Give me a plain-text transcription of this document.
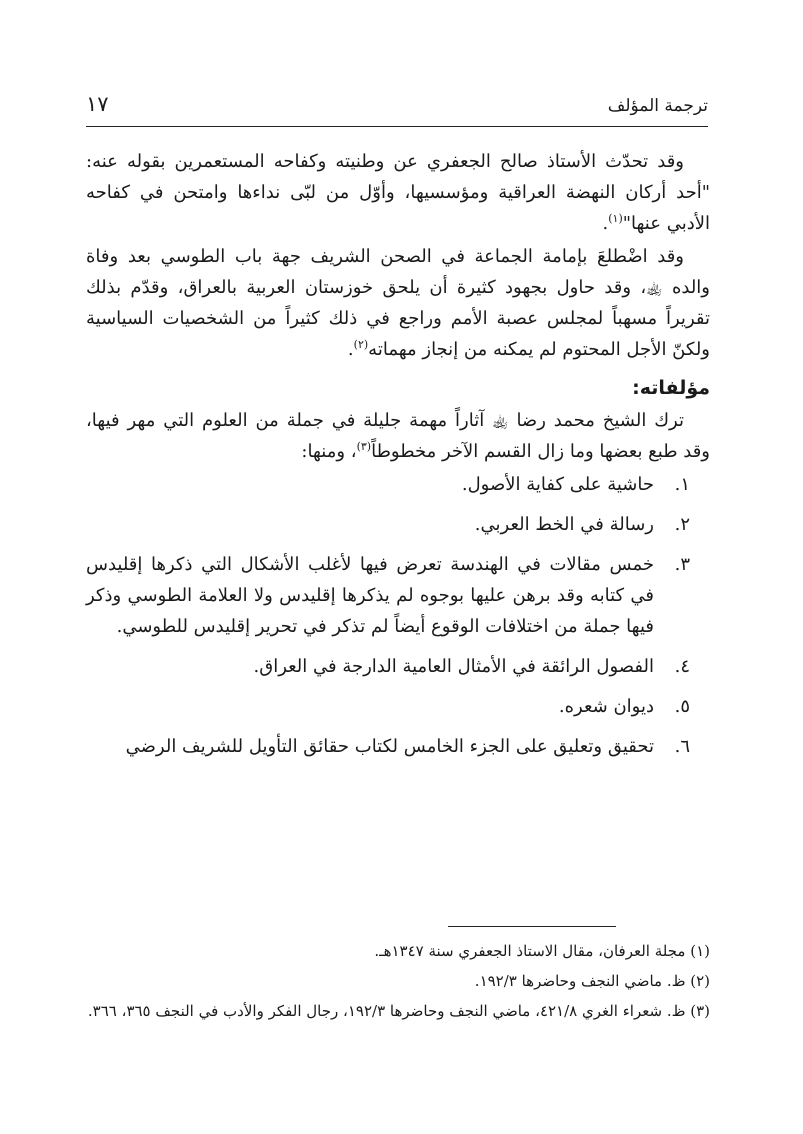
ترجمة المؤلف
١٧

وقد تحدّث الأستاذ صالح الجعفري عن وطنيته وكفاحه المستعمرين بقوله عنه: "أحد أركان النهضة العراقية ومؤسسيها، وأوّل من لبّى نداءها وامتحن في كفاحه الأدبي عنها"$^{(١)}$.

وقد اضْطلعَ بإمامة الجماعة في الصحن الشريف جهة باب الطوسي بعد وفاة والده ﵀، وقد حاول بجهود كثيرة أن يلحق خوزستان العربية بالعراق، وقدّم بذلك تقريراً مسهباً لمجلس عصبة الأمم وراجع في ذلك كثيراً من الشخصيات السياسية ولكنّ الأجل المحتوم لم يمكنه من إنجاز مهماته$^{(٢)}$.

مؤلفاته:

ترك الشيخ محمد رضا ﵀ آثاراً مهمة جليلة في جملة من العلوم التي مهر فيها، وقد طبع بعضها وما زال القسم الآخر مخطوطاً$^{(٣)}$، ومنها:

١.
حاشية على كفاية الأصول.
٢.
رسالة في الخط العربي.
٣.
خمس مقالات في الهندسة تعرض فيها لأغلب الأشكال التي ذكرها إقليدس في كتابه وقد برهن عليها بوجوه لم يذكرها إقليدس ولا العلامة الطوسي وذكر فيها جملة من اختلافات الوقوع أيضاً لم تذكر في تحرير إقليدس للطوسي.
٤.
الفصول الرائقة في الأمثال العامية الدارجة في العراق.
٥.
ديوان شعره.
٦.
تحقيق وتعليق على الجزء الخامس لكتاب حقائق التأويل للشريف الرضي

(١) مجلة العرفان، مقال الاستاذ الجعفري سنة ١٣٤٧هـ.

(٢) ظ. ماضي النجف وحاضرها ١٩٢/٣.

(٣) ظ. شعراء الغري ٤٢١/٨، ماضي النجف وحاضرها ١٩٢/٣، رجال الفكر والأدب في النجف ٣٦٥، ٣٦٦.
